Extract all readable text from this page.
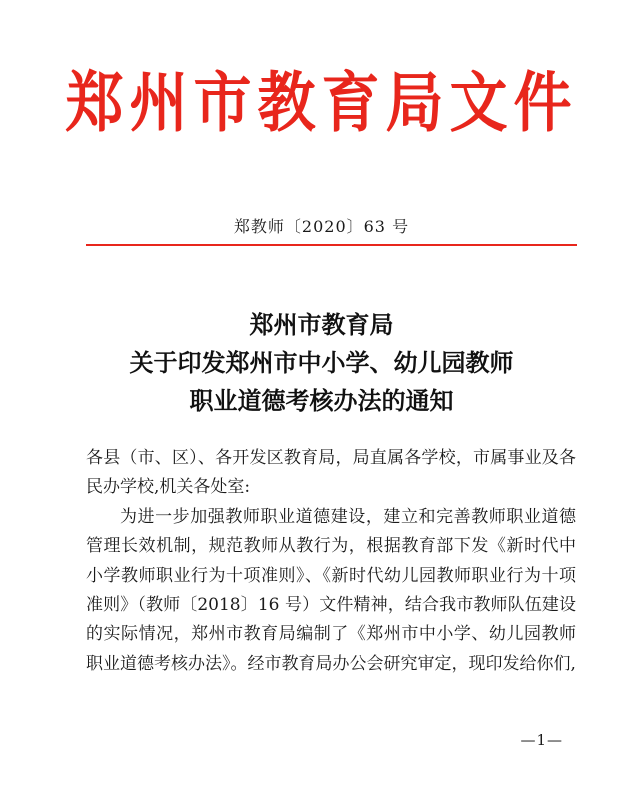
郑州市教育局文件
郑教师〔2020〕63 号
郑州市教育局
关于印发郑州市中小学、幼儿园教师
职业道德考核办法的通知

各县（市、区）、各开发区教育局，局直属各学校，市属事业及各民办学校,机关各处室:

为进一步加强教师职业道德建设，建立和完善教师职业道德管理长效机制，规范教师从教行为，根据教育部下发《新时代中小学教师职业行为十项准则》、《新时代幼儿园教师职业行为十项准则》（教师〔2018〕16 号）文件精神，结合我市教师队伍建设的实际情况，郑州市教育局编制了《郑州市中小学、幼儿园教师职业道德考核办法》。经市教育局办公会研究审定，现印发给你们,

—1—
